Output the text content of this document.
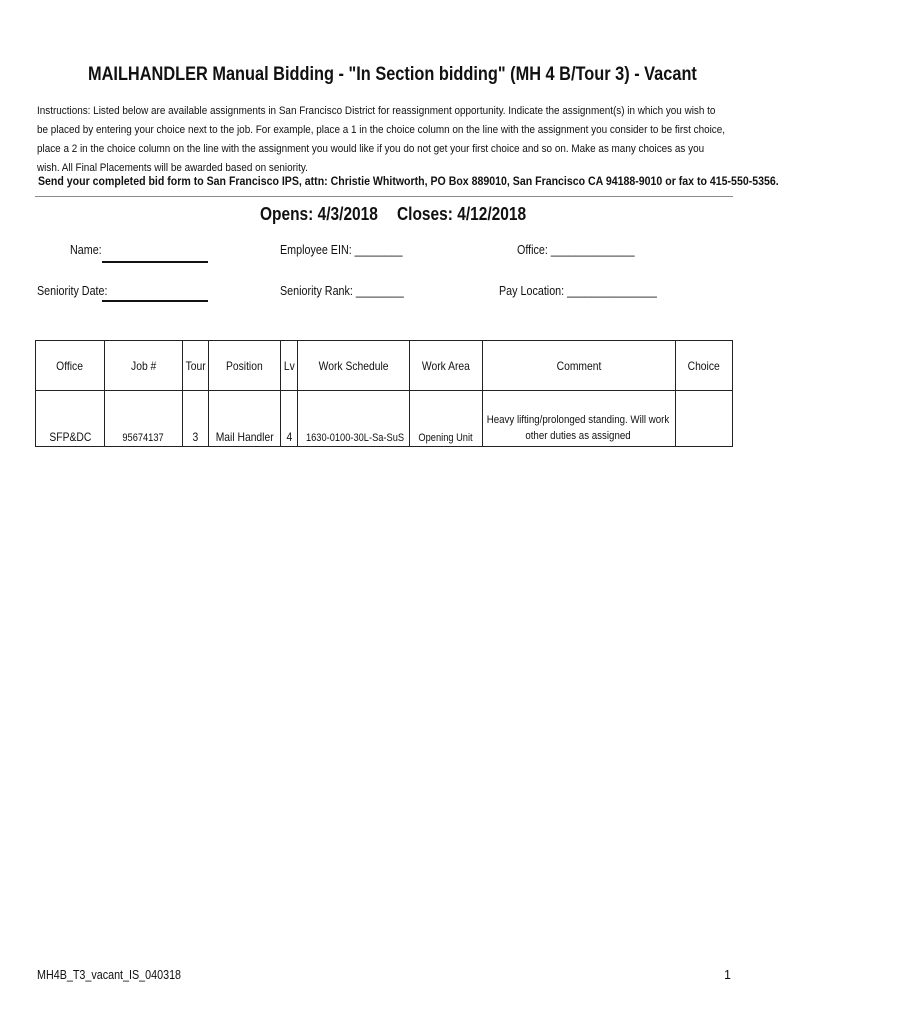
MAILHANDLER Manual Bidding - "In Section bidding" (MH 4 B/Tour 3) - Vacant
Instructions: Listed below are available assignments in San Francisco District for reassignment opportunity. Indicate the assignment(s) in which you wish to be placed by entering your choice next to the job. For example, place a 1 in the choice column on the line with the assignment you consider to be first choice, place a 2 in the choice column on the line with the assignment you would like if you do not get your first choice and so on. Make as many choices as you wish. All Final Placements will be awarded based on seniority.
Send your completed bid form to San Francisco IPS, attn: Christie Whitworth, PO Box 889010, San Francisco CA 94188-9010 or fax to 415-550-5356.
Opens: 4/3/2018	Closes: 4/12/2018
Name:	Employee EIN: ________	Office: ______________
Seniority Date:	Seniority Rank: ________	Pay Location: _______________
Office	Job #	Tour	Position	Lv	Work Schedule	Work Area	Comment	Choice
SFP&DC	95674137	3	Mail Handler	4	1630-0100-30L-Sa-SuS	Opening Unit	Heavy lifting/prolonged standing. Will work other duties as assigned	
MH4B_T3_vacant_IS_040318	1
